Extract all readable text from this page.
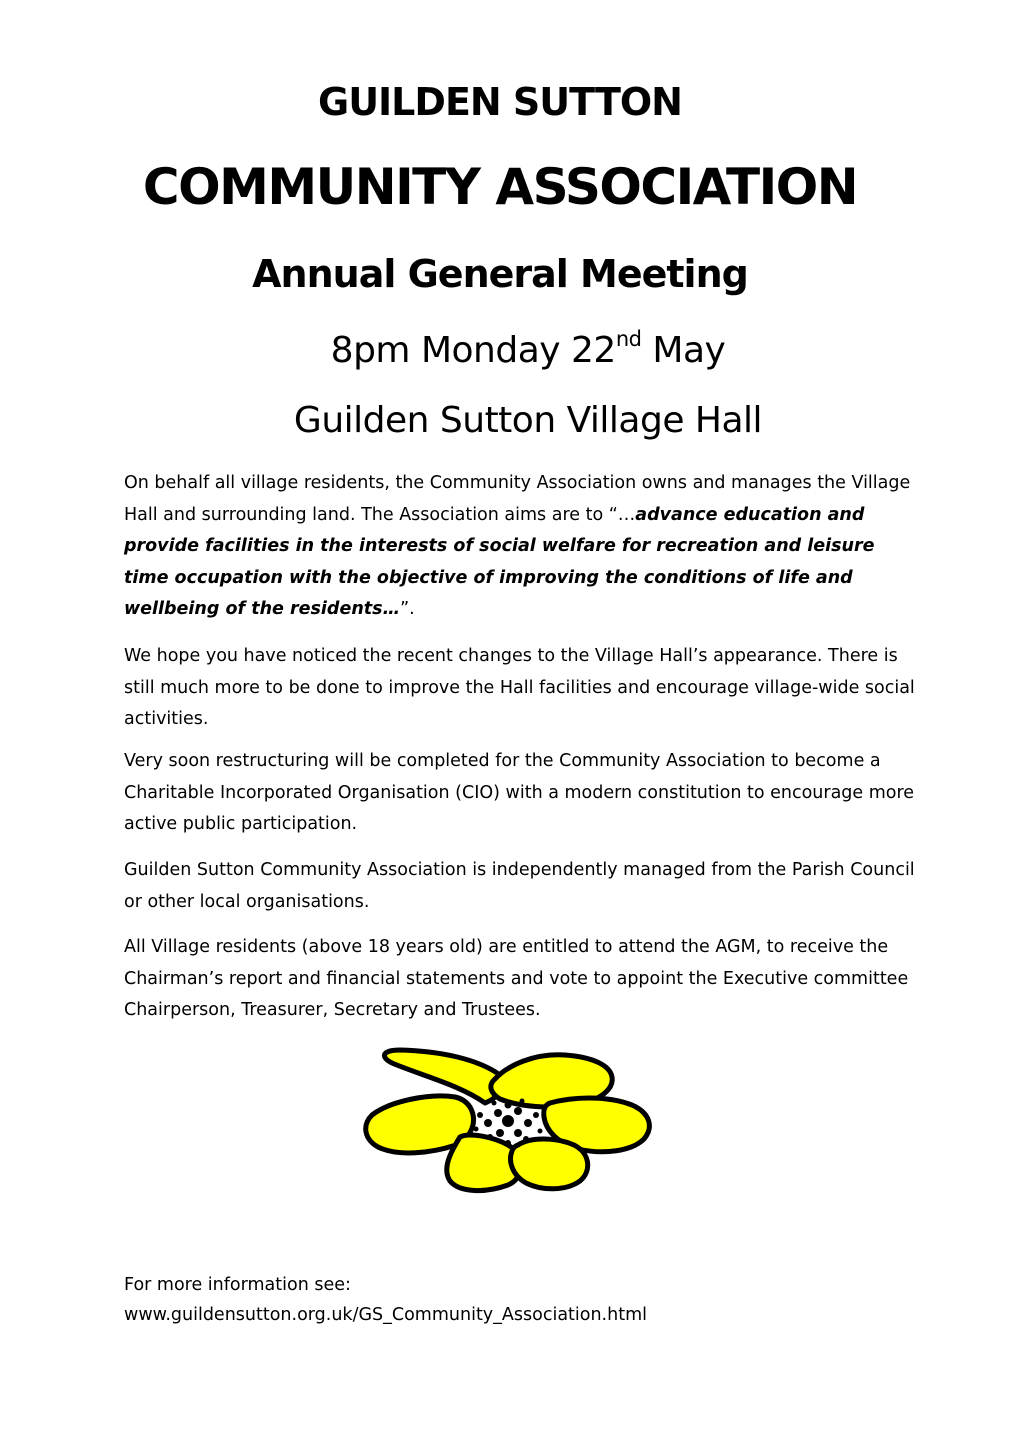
GUILDEN SUTTON
COMMUNITY ASSOCIATION
Annual General Meeting
8pm Monday 22nd May
Guilden Sutton Village Hall

On behalf all village residents, the Community Association owns and manages the Village Hall and surrounding land. The Association aims are to “…advance education and provide facilities in the interests of social welfare for recreation and leisure time occupation with the objective of improving the conditions of life and wellbeing of the residents…”.

We hope you have noticed the recent changes to the Village Hall’s appearance. There is still much more to be done to improve the Hall facilities and encourage village-wide social activities.

Very soon restructuring will be completed for the Community Association to become a Charitable Incorporated Organisation (CIO) with a modern constitution to encourage more active public participation.

Guilden Sutton Community Association is independently managed from the Parish Council or other local organisations.

All Village residents (above 18 years old) are entitled to attend the AGM, to receive the Chairman’s report and financial statements and vote to appoint the Executive committee Chairperson, Treasurer, Secretary and Trustees.

For more information see:
www.guildensutton.org.uk/GS_Community_Association.html
